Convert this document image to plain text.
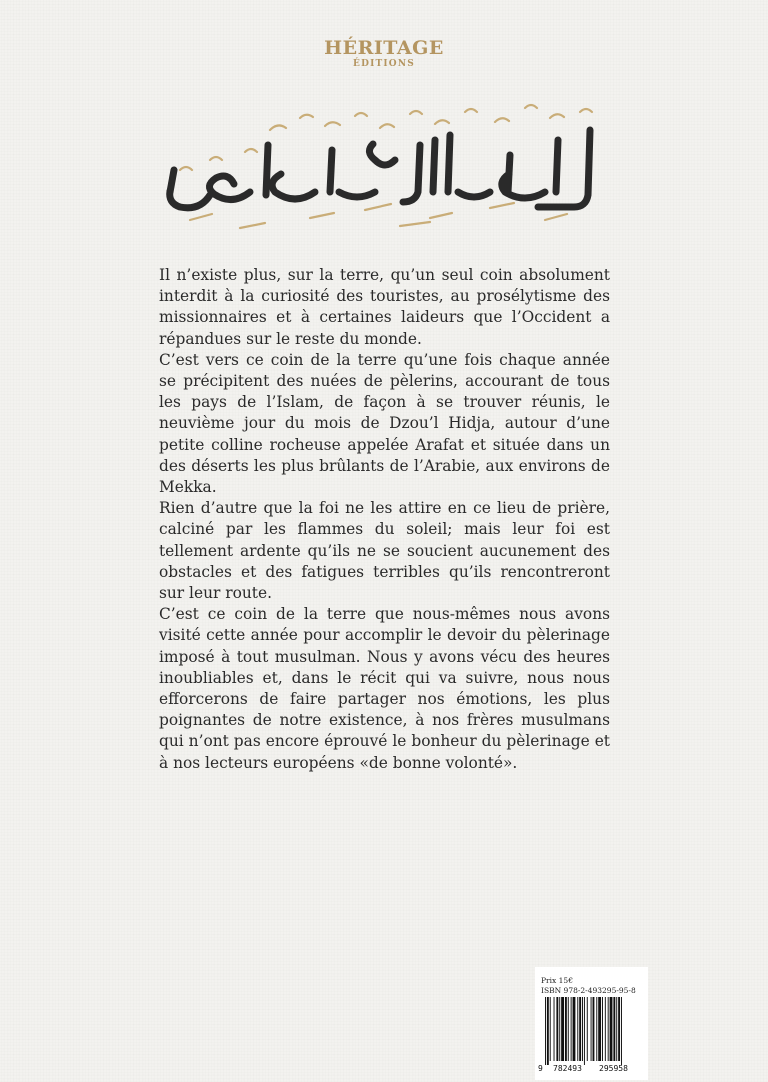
HÉRITAGE
ÉDITIONS

Il n’existe plus, sur la terre, qu’un seul coin absolument interdit à la curiosité des touristes, au prosélytisme des missionnaires et à certaines laideurs que l’Occident a répandues sur le reste du monde.

C’est vers ce coin de la terre qu’une fois chaque année se précipitent des nuées de pèlerins, accourant de tous les pays de l’Islam, de façon à se trouver réunis, le neuvième jour du mois de Dzou’l Hidja, autour d’une petite colline rocheuse appelée Arafat et située dans un des déserts les plus brûlants de l’Arabie, aux environs de Mekka.

Rien d’autre que la foi ne les attire en ce lieu de prière, calciné par les flammes du soleil; mais leur foi est tellement ardente qu’ils ne se soucient aucunement des obstacles et des fatigues terribles qu’ils rencontreront sur leur route.

C’est ce coin de la terre que nous-mêmes nous avons visité cette année pour accomplir le devoir du pèlerinage imposé à tout musulman. Nous y avons vécu des heures inoubliables et, dans le récit qui va suivre, nous nous efforcerons de faire partager nos émotions, les plus poignantes de notre existence, à nos frères musulmans qui n’ont pas encore éprouvé le bonheur du pèlerinage et à nos lecteurs européens «de bonne volonté».

Prix 15€
ISBN 978-2-493295-95-8
9 782493 295958
